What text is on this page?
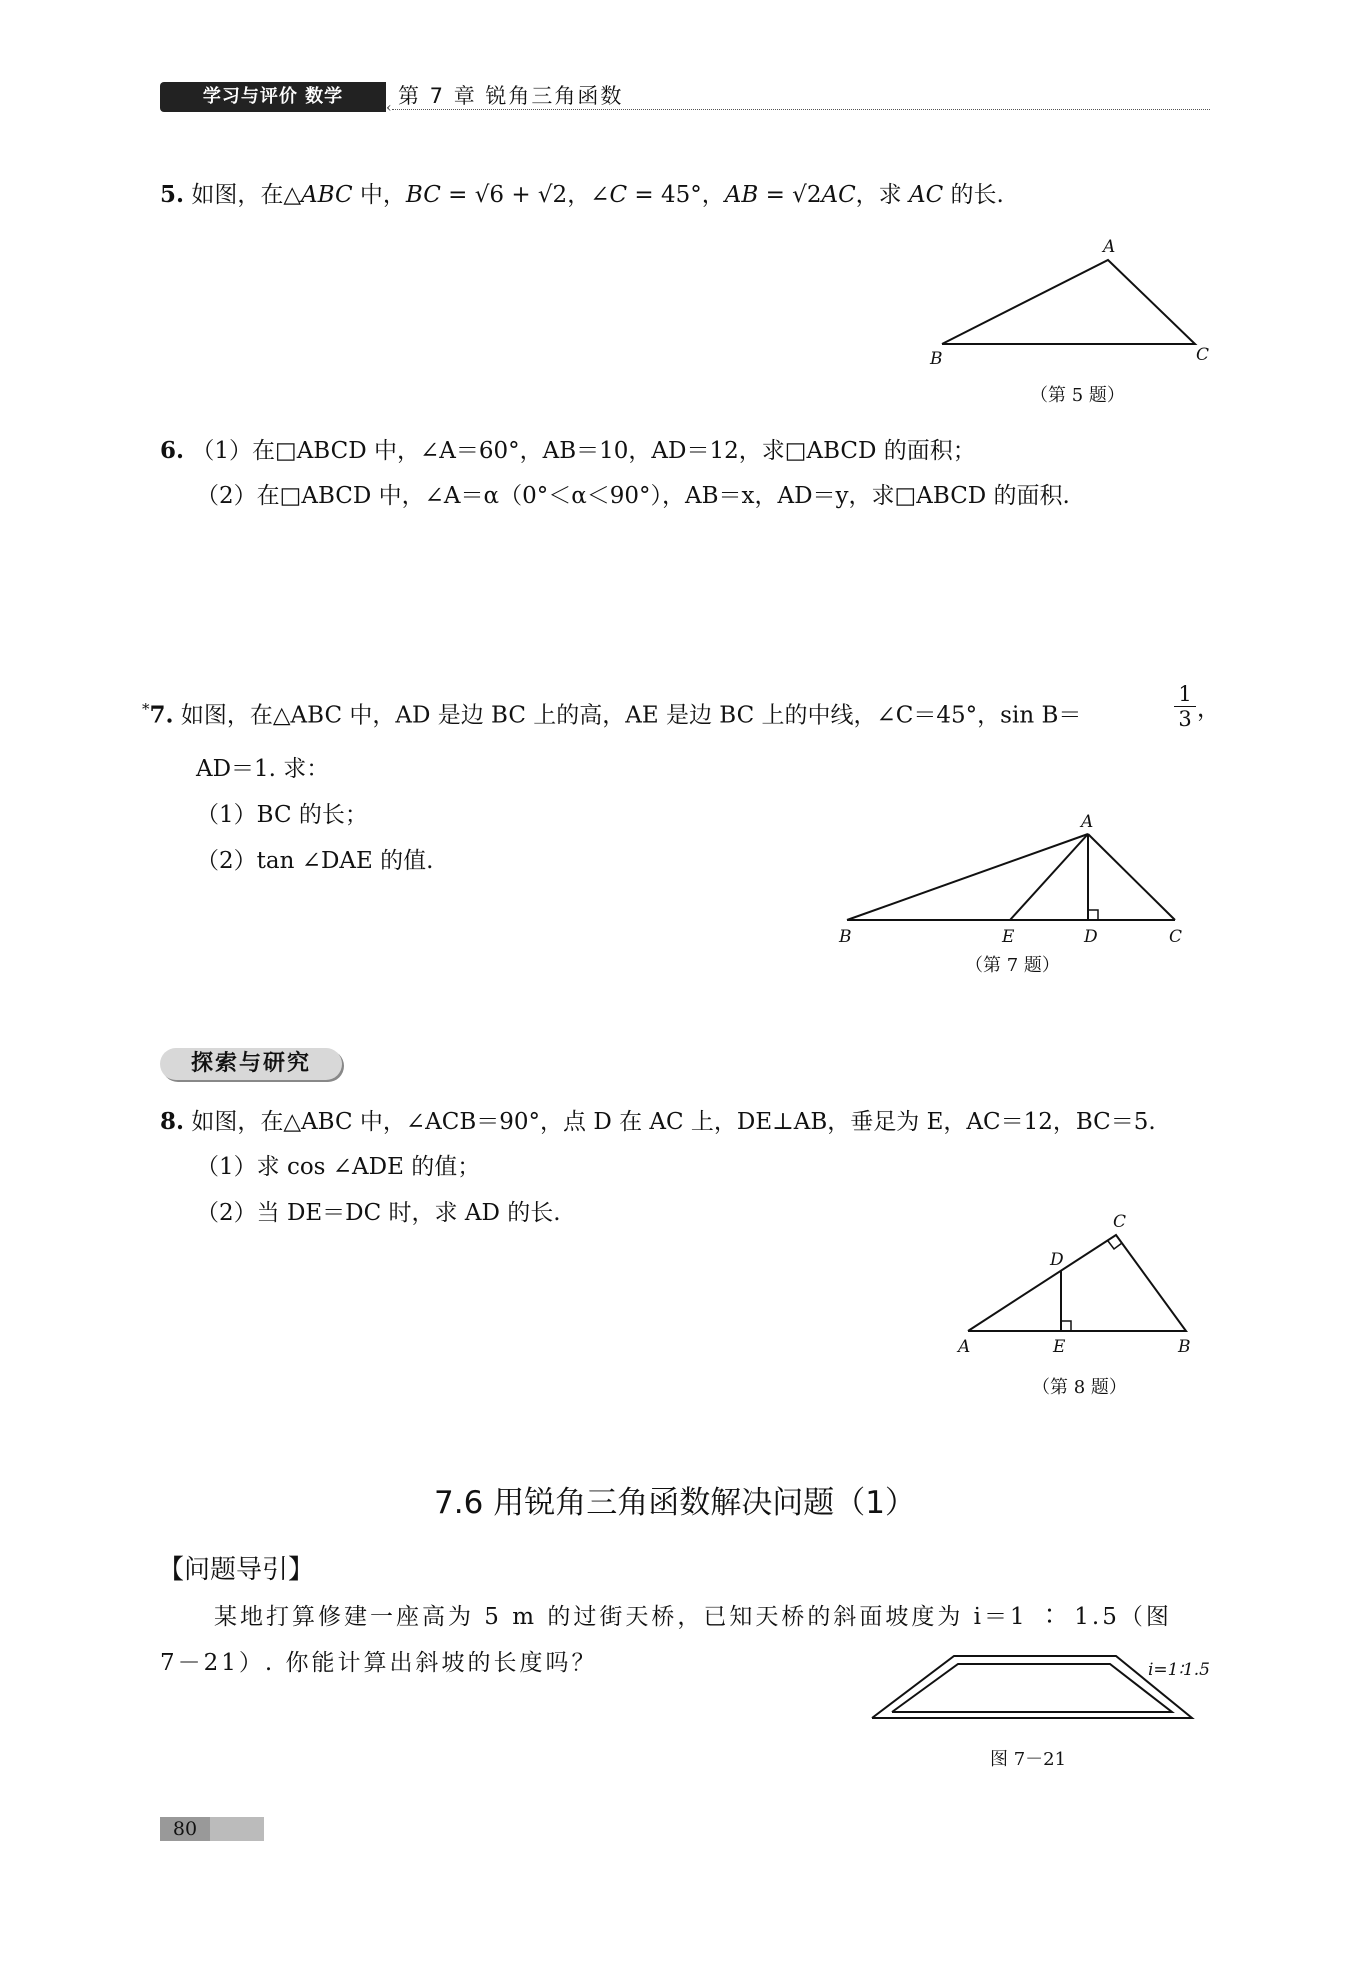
学习与评价 数学
‹ 第 7 章 锐角三角函数
5. 如图，在△ABC 中，BC = √6 + √2，∠C = 45°，AB = √2AC，求 AC 的长.
A
B	C
（第 5 题）
6. （1）在□ABCD 中，∠A＝60°，AB＝10，AD＝12，求□ABCD 的面积；
（2）在□ABCD 中，∠A＝α（0°＜α＜90°），AB＝x，AD＝y，求□ABCD 的面积.
*7. 如图，在△ABC 中，AD 是边 BC 上的高，AE 是边 BC 上的中线，∠C＝45°，sin B＝	$\frac{1}{3}$ ，
AD＝1. 求：
（1）BC 的长；
（2）tan ∠DAE 的值.
A
B	E	D	C
（第 7 题）
探索与研究
8. 如图，在△ABC 中，∠ACB＝90°，点 D 在 AC 上，DE⊥AB，垂足为 E，AC＝12，BC＝5.
（1）求 cos ∠ADE 的值；
（2）当 DE＝DC 时，求 AD 的长.	C
D
A	E	B
（第 8 题）
7.6 用锐角三角函数解决问题（1）
【问题导引】
某地打算修建一座高为 5 m 的过街天桥，已知天桥的斜面坡度为 i＝1 ∶ 1.5（图
7－21）. 你能计算出斜坡的长度吗？	i=1∶1.5
图 7－21
80
